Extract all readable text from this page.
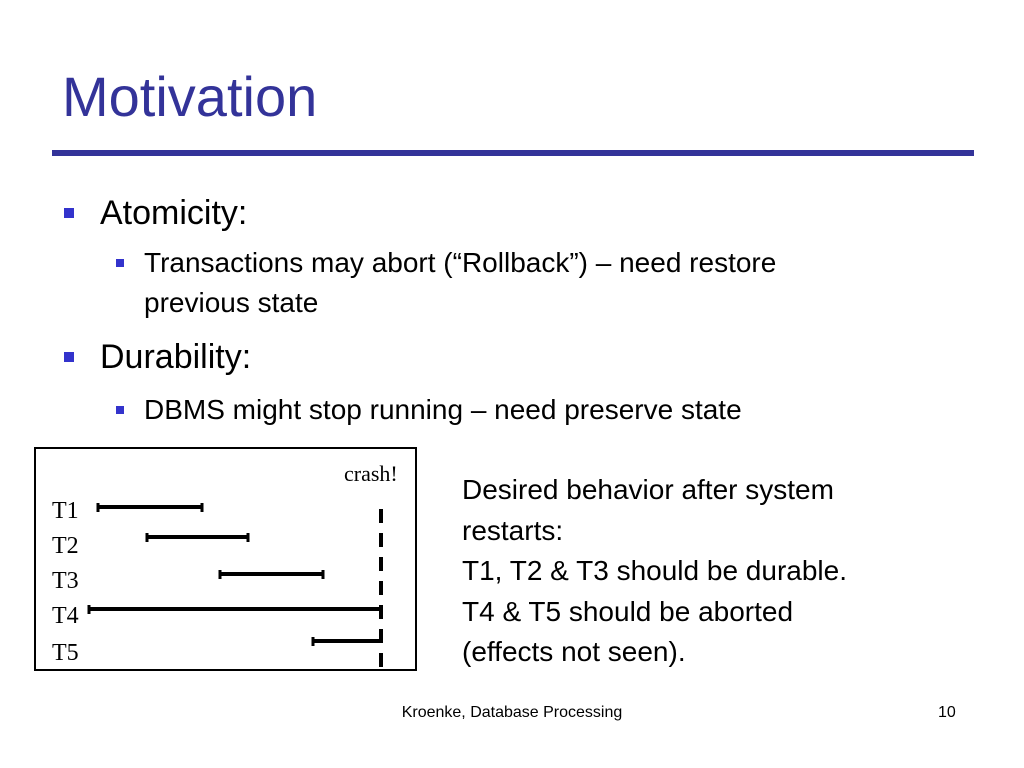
Motivation
Atomicity:
Transactions may abort (“Rollback”) – need restore
previous state
Durability:
DBMS might stop running – need preserve state
crash!
T1
T2
T3
T4
T5
Desired behavior after system
restarts:
T1, T2 & T3 should be durable.
T4 & T5 should be aborted
(effects not seen).
Kroenke, Database Processing	10
